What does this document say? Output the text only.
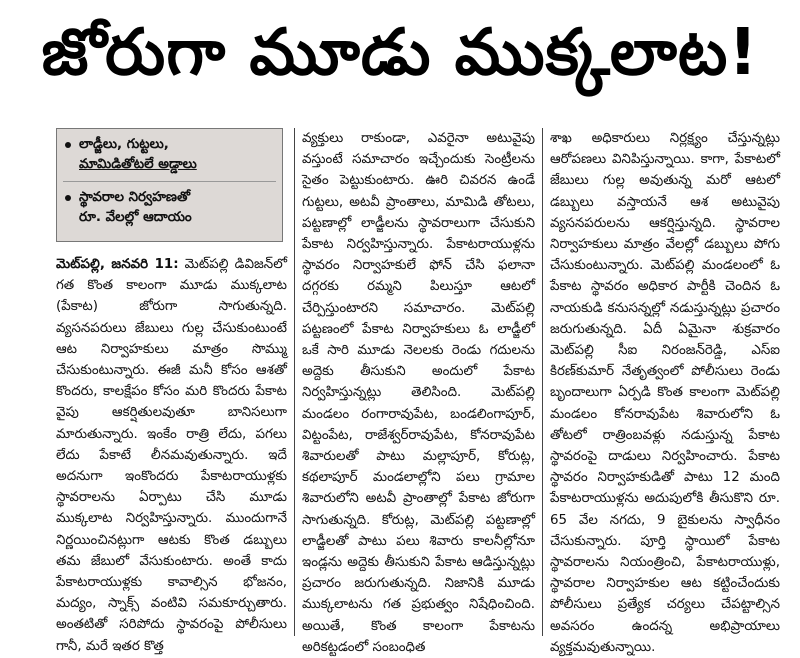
జోరుగా మూడు ముక్కలాట!
లాడ్జీలు, గుట్టలు,
మామిడితోటలే అడ్డాలు
స్థావరాల నిర్వహణతో
రూ. వేలల్లో ఆదాయం

మెట్‌పల్లి, జనవరి 11: మెట్‌పల్లి డివిజన్‌లో గత కొంత కాలంగా మూడు ముక్కలాట (పేకాట) జోరుగా సాగుతున్నది. వ్యసనపరులు జేబులు గుల్ల చేసుకుంటుంటే ఆట నిర్వాహకులు మాత్రం సొమ్ము చేసుకుంటున్నారు. ఈజీ మనీ కోసం ఆశతో కొందరు, కాలక్షేపం కోసం మరి కొందరు పేకాట వైపు ఆకర్షితులవుతూ బానిసలుగా మారుతున్నారు. ఇంకేం రాత్రి లేదు, పగలు లేదు పేకాటే లీనమవుతున్నారు. ఇదే అదనుగా ఇంకొందరు పేకాటరాయుళ్లకు స్థావరాలను ఏర్పాటు చేసి మూడు ముక్కలాట నిర్వహిస్తున్నారు. ముందుగానే నిర్ణయించినట్లుగా ఆటకు కొంత డబ్బులు తమ జేబులో వేసుకుంటారు. అంతే కాదు పేకాటరాయుళ్లకు కావాల్సిన భోజనం, మద్యం, స్నాక్స్ వంటివి సమకూర్చుతారు. అంతటితో సరిపోదు స్థావరంపై పోలీసులు గానీ, మరే ఇతర కొత్త

వ్యక్తులు రాకుండా, ఎవరైనా అటువైపు వస్తుంటే సమాచారం ఇచ్చేందుకు సెంట్రీలను సైతం పెట్టుకుంటారు. ఊరి చివరన ఉండే గుట్టలు, అటవీ ప్రాంతాలు, మామిడి తోటలు, పట్టణాల్లో లాడ్జీలను స్థావరాలుగా చేసుకుని పేకాట నిర్వహిస్తున్నారు. పేకాటరాయుళ్లను స్థావరం నిర్వాహకులే ఫోన్ చేసి ఫలానా దగ్గరకు రమ్మని పిలుస్తూ ఆటలో చేర్పిస్తుంటారని సమాచారం. మెట్‌పల్లి పట్టణంలో పేకాట నిర్వాహకులు ఓ లాడ్జీలో ఒకే సారి మూడు నెలలకు రెండు గదులను అద్దెకు తీసుకుని అందులో పేకాట నిర్వహిస్తున్నట్లు తెలిసింది. మెట్‌పల్లి మండలం రంగారావుపేట, బండలింగాపూర్, విట్టంపేట, రాజేశ్వర్‌రావుపేట, కోనరావుపేట శివారులతో పాటు మల్లాపూర్, కోరుట్ల, కథలాపూర్ మండలాల్లోని పలు గ్రామాల శివారులోని అటవీ ప్రాంతాల్లో పేకాట జోరుగా సాగుతున్నది. కోరుట్ల, మెట్‌పల్లి పట్టణాల్లో లాడ్జీలతో పాటు పలు శివారు కాలనీల్లోనూ ఇండ్లను అద్దెకు తీసుకుని పేకాట ఆడిస్తున్నట్లు ప్రచారం జరుగుతున్నది. నిజానికి మూడు ముక్కలాటను గత ప్రభుత్వం నిషేధించింది. అయితే, కొంత కాలంగా పేకాటను అరికట్టడంలో సంబంధిత

శాఖ అధికారులు నిర్లక్ష్యం చేస్తున్నట్లు ఆరోపణలు వినిపిస్తున్నాయి. కాగా, పేకాటలో జేబులు గుల్ల అవుతున్న మరో ఆటలో డబ్బులు వస్తాయనే ఆశ అటువైపు వ్యసనపరులను ఆకర్షిస్తున్నది. స్థావరాల నిర్వాహకులు మాత్రం వేలల్లో డబ్బులు పోగు చేసుకుంటున్నారు. మెట్‌పల్లి మండలంలో ఓ పేకాట స్థావరం అధికార పార్టీకి చెందిన ఓ నాయకుడి కనుసన్నల్లో నడుస్తున్నట్లు ప్రచారం జరుగుతున్నది. ఏదీ ఏమైనా శుక్రవారం మెట్‌పల్లి సీఐ నిరంజన్‌రెడ్డి, ఎస్ఐ కిరణ్‌కుమార్ నేతృత్వంలో పోలీసులు రెండు బృందాలుగా ఏర్పడి కొంత కాలంగా మెట్‌పల్లి మండలం కోనరావుపేట శివారులోని ఓ తోటలో రాత్రింబవళ్లు నడుస్తున్న పేకాట స్థావరంపై దాడులు నిర్వహించారు. పేకాట స్థావరం నిర్వాహకుడితో పాటు 12 మంది పేకాటరాయుళ్లను అదుపులోకి తీసుకొని రూ. 65 వేల నగదు, 9 బైకులను స్వాధీనం చేసుకున్నారు. పూర్తి స్థాయిలో పేకాట స్థావరాలను నియంత్రించి, పేకాటరాయుళ్లు, స్థావరాల నిర్వాహకుల ఆట కట్టించేందుకు పోలీసులు ప్రత్యేక చర్యలు చేపట్టాల్సిన అవసరం ఉందన్న అభిప్రాయాలు వ్యక్తమవుతున్నాయి.
